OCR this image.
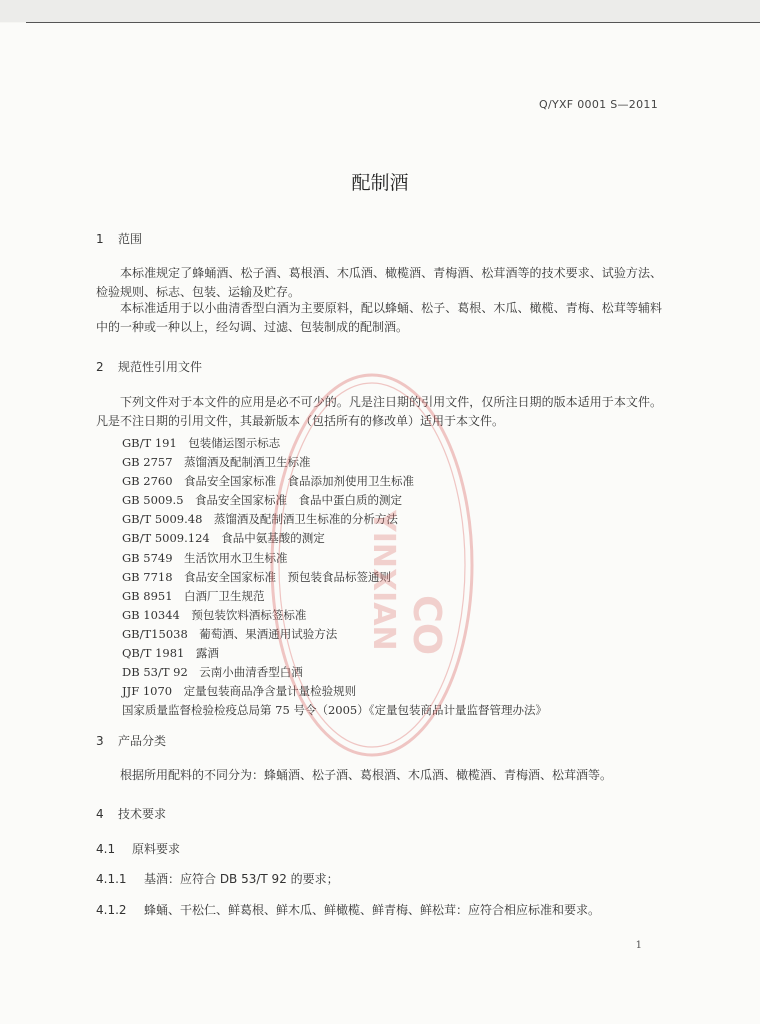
Q/YXF 0001 S—2011
配制酒
1 范围
本标准规定了蜂蛹酒、松子酒、葛根酒、木瓜酒、橄榄酒、青梅酒、松茸酒等的技术要求、试验方法、检验规则、标志、包装、运输及贮存。
本标准适用于以小曲清香型白酒为主要原料，配以蜂蛹、松子、葛根、木瓜、橄榄、青梅、松茸等辅料中的一种或一种以上，经勾调、过滤、包装制成的配制酒。
2 规范性引用文件
下列文件对于本文件的应用是必不可少的。凡是注日期的引用文件，仅所注日期的版本适用于本文件。凡是不注日期的引用文件，其最新版本（包括所有的修改单）适用于本文件。
GB/T 191　包装储运图示标志
GB 2757　蒸馏酒及配制酒卫生标准
GB 2760　食品安全国家标准　食品添加剂使用卫生标准
GB 5009.5　食品安全国家标准　食品中蛋白质的测定
GB/T 5009.48　蒸馏酒及配制酒卫生标准的分析方法
GB/T 5009.124　食品中氨基酸的测定
GB 5749　生活饮用水卫生标准
GB 7718　食品安全国家标准　预包装食品标签通则
GB 8951　白酒厂卫生规范
GB 10344　预包装饮料酒标签标准
GB/T15038　葡萄酒、果酒通用试验方法
QB/T 1981　露酒
DB 53/T 92　云南小曲清香型白酒
JJF 1070　定量包装商品净含量计量检验规则
国家质量监督检验检疫总局第 75 号令（2005）《定量包装商品计量监督管理办法》
3 产品分类
根据所用配料的不同分为：蜂蛹酒、松子酒、葛根酒、木瓜酒、橄榄酒、青梅酒、松茸酒等。
4 技术要求
4.1 原料要求
4.1.1 基酒：应符合 DB 53/T 92 的要求；
4.1.2 蜂蛹、干松仁、鲜葛根、鲜木瓜、鲜橄榄、鲜青梅、鲜松茸：应符合相应标准和要求。
1
YINXIAN CO
